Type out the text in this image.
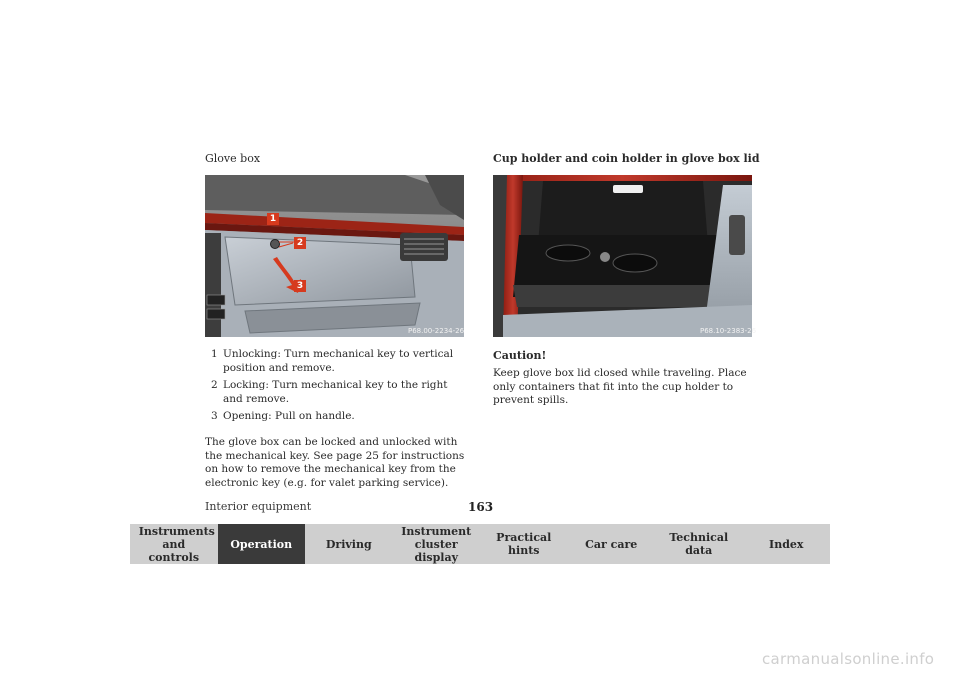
Glove box
1
2
3
P68.00-2234-26
1 Unlocking: Turn mechanical key to vertical position and remove.
2 Locking: Turn mechanical key to the right and remove.
3 Opening: Pull on handle.
The glove box can be locked and unlocked with the mechanical key. See page 25 for instructions on how to remove the mechanical key from the electronic key (e.g. for valet parking service).
Cup holder and coin holder in glove box lid
P68.10-2383-26
Caution!
Keep glove box lid closed while traveling. Place only containers that fit into the cup holder to prevent spills.
Interior equipment	163
Instruments and controls
Operation	Driving
Instrument cluster display
Practical hints	Car care	Technical data	Index
carmanualsonline.info
